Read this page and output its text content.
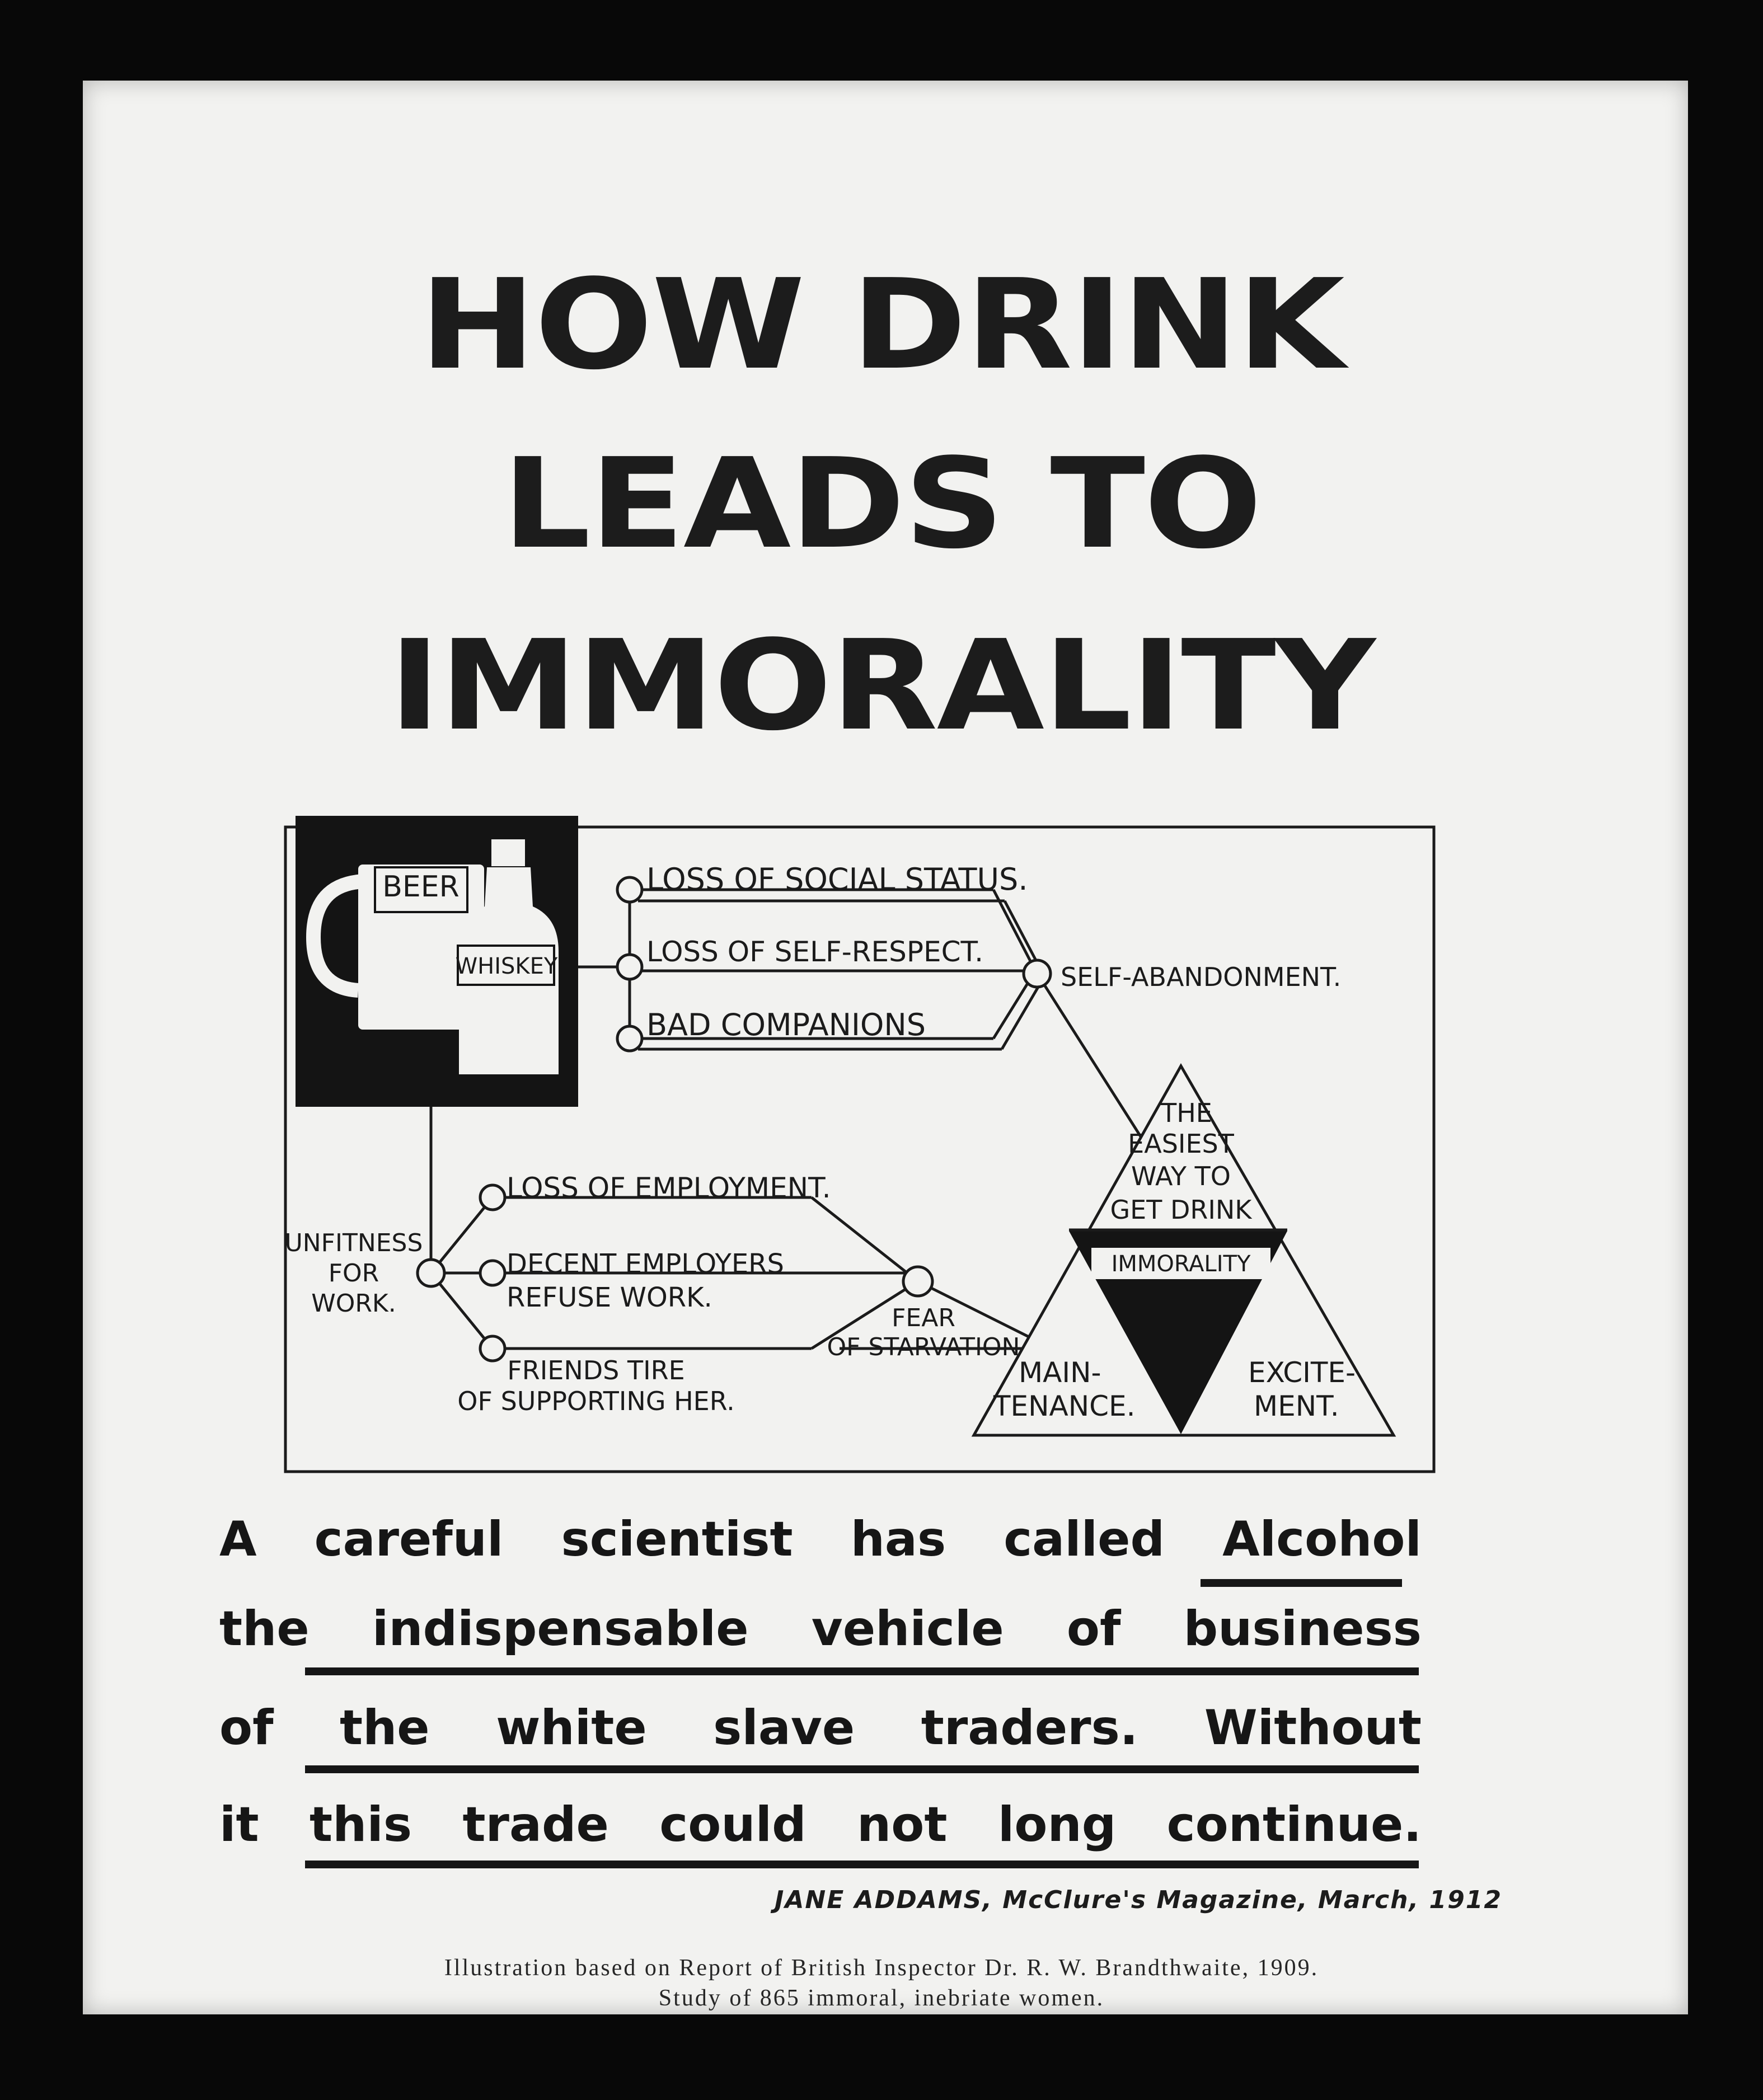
HOW DRINK
LEADS TO
IMMORALITY
BEER
WHISKEY
LOSS OF SOCIAL STATUS.
LOSS OF SELF-RESPECT.
BAD COMPANIONS
SELF-ABANDONMENT.
UNFITNESS
FOR
WORK.
LOSS OF EMPLOYMENT.
DECENT EMPLOYERS
REFUSE WORK.
FRIENDS TIRE
OF SUPPORTING HER.
FEAR
OF STARVATION
THE
EASIEST
WAY TO
GET DRINK
IMMORALITY
MAIN-
TENANCE.
EXCITE-
MENT.
A careful scientist has called Alcohol
the indispensable vehicle of business
of the white slave traders. Without
it this trade could not long continue.
JANE ADDAMS, McClure's Magazine, March, 1912
Illustration based on Report of British Inspector Dr. R. W. Brandthwaite, 1909.
Study of 865 immoral, inebriate women.
